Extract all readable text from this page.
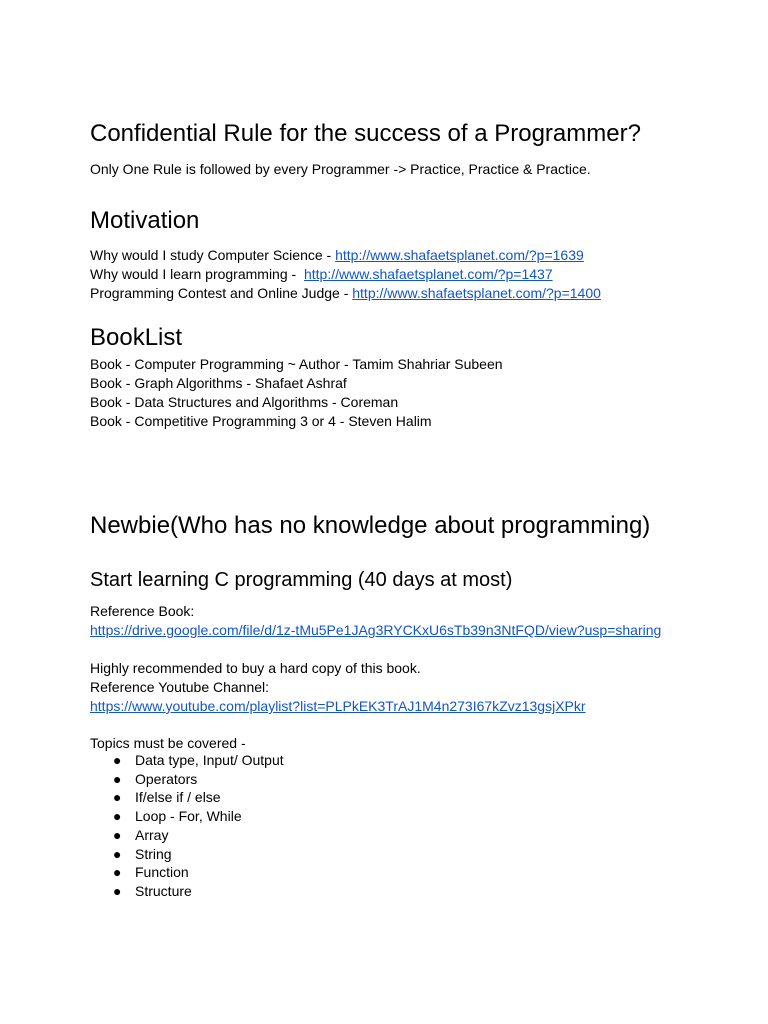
Confidential Rule for the success of a Programmer?
Only One Rule is followed by every Programmer -> Practice, Practice & Practice.
Motivation
Why would I study Computer Science - http://www.shafaetsplanet.com/?p=1639
Why would I learn programming -  http://www.shafaetsplanet.com/?p=1437
Programming Contest and Online Judge - http://www.shafaetsplanet.com/?p=1400
BookList
Book - Computer Programming ~ Author - Tamim Shahriar Subeen
Book - Graph Algorithms - Shafaet Ashraf
Book - Data Structures and Algorithms - Coreman
Book - Competitive Programming 3 or 4 - Steven Halim
Newbie(Who has no knowledge about programming)
Start learning C programming (40 days at most)
Reference Book:
https://drive.google.com/file/d/1z-tMu5Pe1JAg3RYCKxU6sTb39n3NtFQD/view?usp=sharing
Highly recommended to buy a hard copy of this book.
Reference Youtube Channel:
https://www.youtube.com/playlist?list=PLPkEK3TrAJ1M4n273I67kZvz13gsjXPkr
Topics must be covered -
● Data type, Input/ Output
● Operators
● If/else if / else
● Loop - For, While
● Array
● String
● Function
● Structure
